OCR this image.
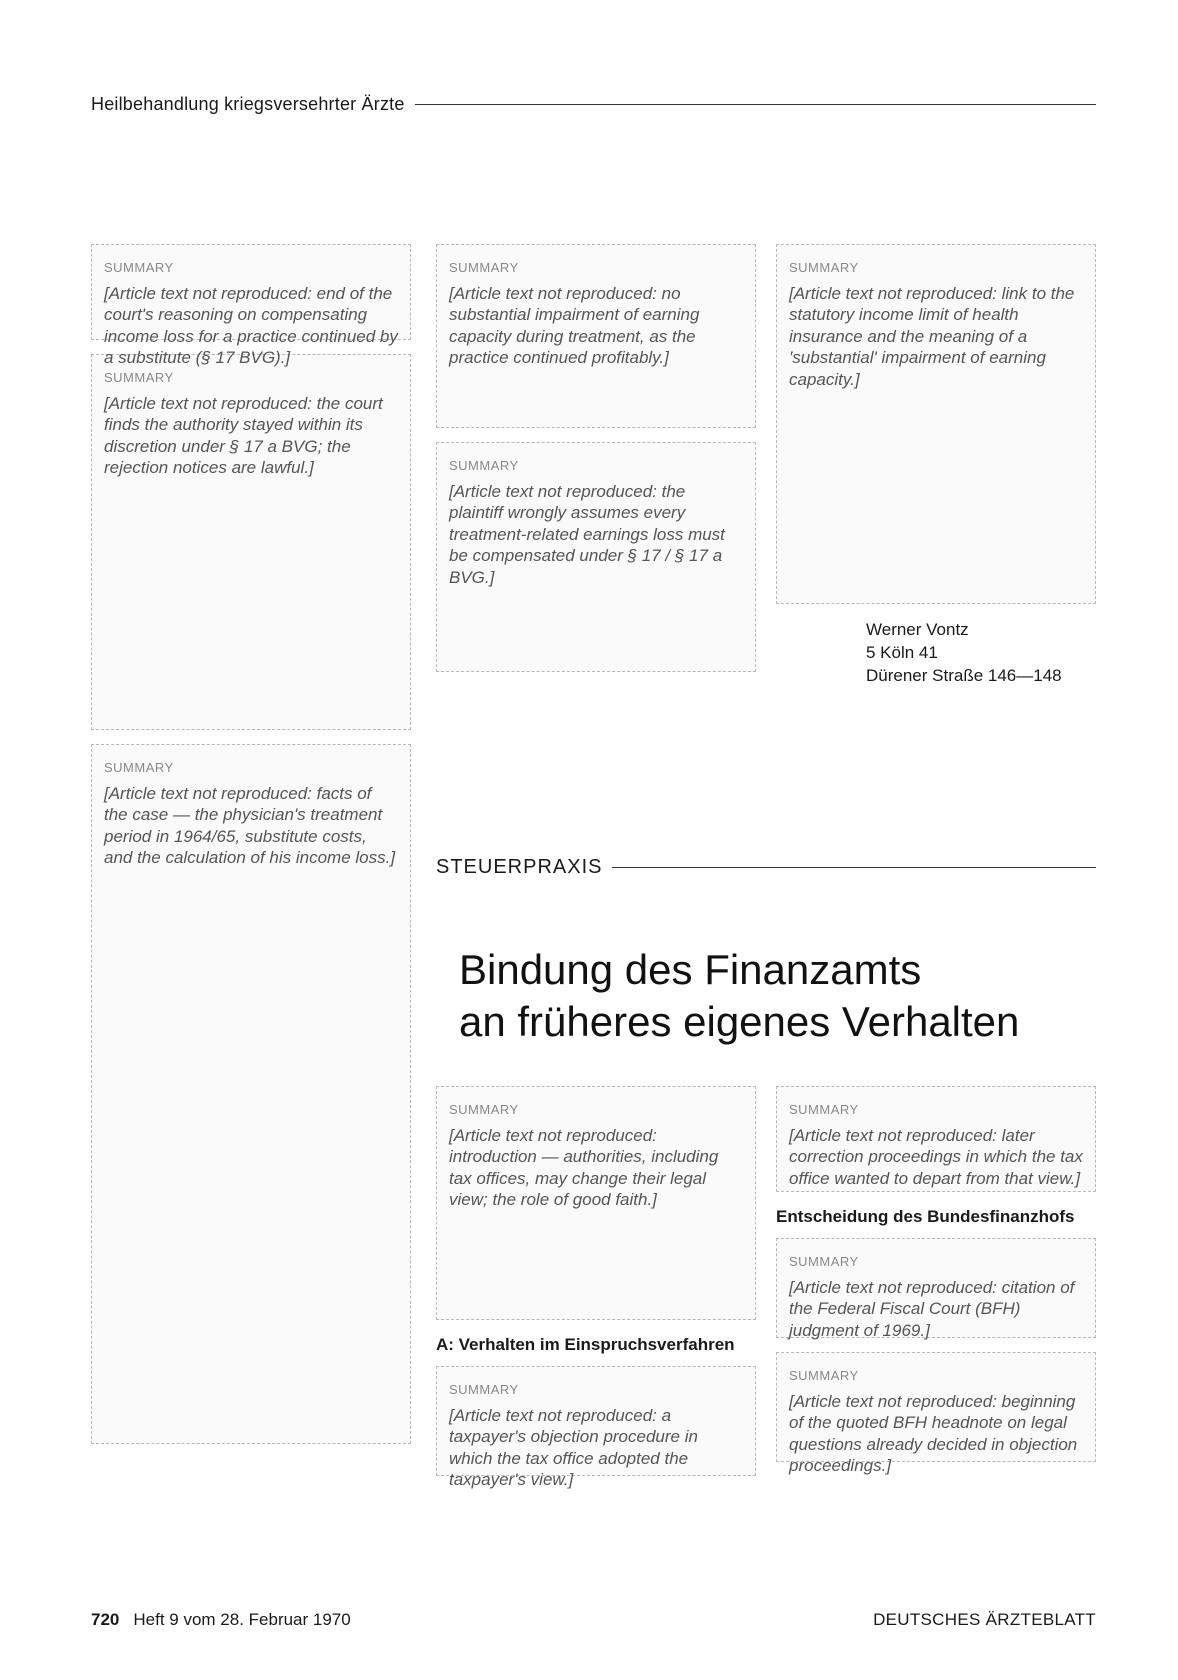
Heilbehandlung kriegsversehrter Ärzte
SUMMARY
[Article text not reproduced: end of the court's reasoning on compensating income loss for a practice continued by a substitute (§ 17 BVG).]
SUMMARY
[Article text not reproduced: the court finds the authority stayed within its discretion under § 17 a BVG; the rejection notices are lawful.]
SUMMARY
[Article text not reproduced: facts of the case — the physician's treatment period in 1964/65, substitute costs, and the calculation of his income loss.]
SUMMARY
[Article text not reproduced: no substantial impairment of earning capacity during treatment, as the practice continued profitably.]
SUMMARY
[Article text not reproduced: the plaintiff wrongly assumes every treatment-related earnings loss must be compensated under § 17 / § 17 a BVG.]
SUMMARY
[Article text not reproduced: link to the statutory income limit of health insurance and the meaning of a 'substantial' impairment of earning capacity.]
Werner Vontz
5 Köln 41
Dürener Straße 146—148
STEUERPRAXIS
Bindung des Finanzamts
an früheres eigenes Verhalten
SUMMARY
[Article text not reproduced: introduction — authorities, including tax offices, may change their legal view; the role of good faith.]
A: Verhalten im Einspruchsverfahren
SUMMARY
[Article text not reproduced: a taxpayer's objection procedure in which the tax office adopted the taxpayer's view.]
SUMMARY
[Article text not reproduced: later correction proceedings in which the tax office wanted to depart from that view.]
Entscheidung des Bundesfinanzhofs
SUMMARY
[Article text not reproduced: citation of the Federal Fiscal Court (BFH) judgment of 1969.]
SUMMARY
[Article text not reproduced: beginning of the quoted BFH headnote on legal questions already decided in objection proceedings.]
720 Heft 9 vom 28. Februar 1970	DEUTSCHES ÄRZTEBLATT
